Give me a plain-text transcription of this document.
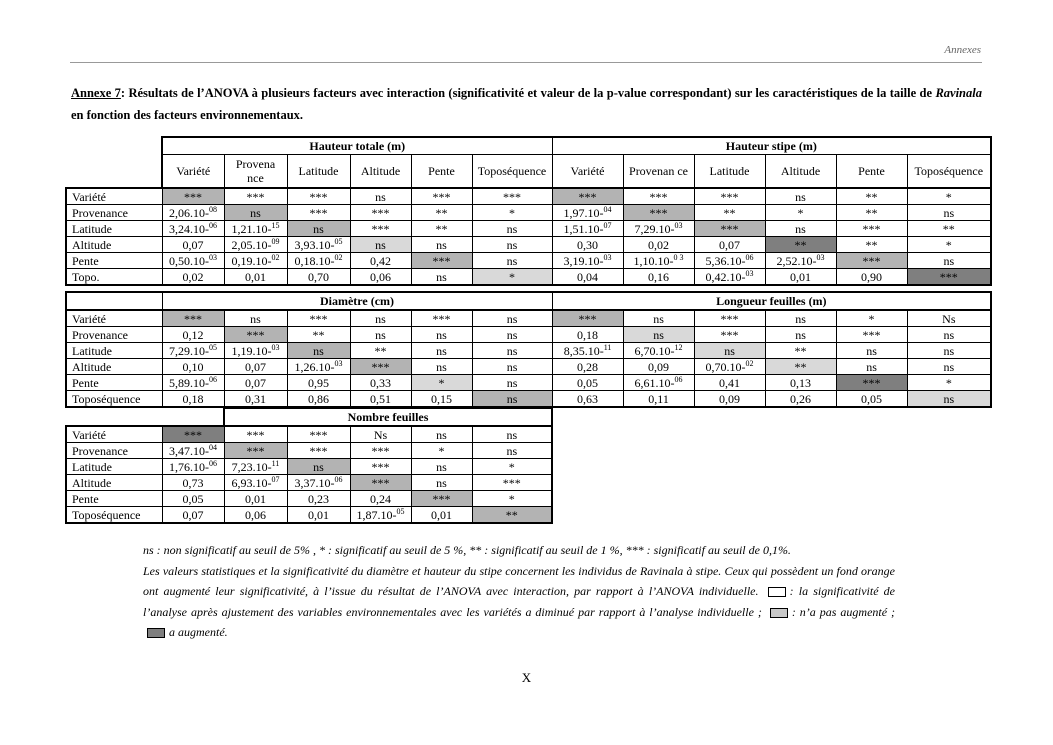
Annexes
Annexe 7: Résultats de l’ANOVA à plusieurs facteurs avec interaction (significativité et valeur de la p-value correspondant) sur les caractéristiques de la taille de Ravinala en fonction des facteurs environnementaux.
	Hauteur totale (m)						Hauteur stipe (m)					
	Variété	Provena nce	Latitude	Altitude	Pente	Toposéquence	Variété	Provenan ce	Latitude	Altitude	Pente	Toposéquence
Variété	***	***	***	ns	***	***	***	***	***	ns	**	*
Provenance	2,06.10-$^{08}$	ns	***	***	**	*	1,97.10-$^{04}$	***	**	*	**	ns
Latitude	3,24.10-$^{06}$	1,21.10-$^{15}$	ns	***	**	ns	1,51.10-$^{07}$	7,29.10-$^{03}$	***	ns	***	**
Altitude	0,07	2,05.10-$^{09}$	3,93.10-$^{05}$	ns	ns	ns	0,30	0,02	0,07	**	**	*
Pente	0,50.10-$^{03}$	0,19.10-$^{02}$	0,18.10-$^{02}$	0,42	***	ns	3,19.10-$^{03}$	1,10.10-$^{0 3}$	5,36.10-$^{06}$	2,52.10-$^{03}$	***	ns
Topo.	0,02	0,01	0,70	0,06	ns	*	0,04	0,16	0,42.10-$^{03}$	0,01	0,90	***
	Diamètre (cm)						Longueur feuilles (m)					
Variété	***	ns	***	ns	***	ns	***	ns	***	ns	*	Ns
Provenance	0,12	***	**	ns	ns	ns	0,18	ns	***	ns	***	ns
Latitude	7,29.10-$^{05}$	1,19.10-$^{03}$	ns	**	ns	ns	8,35.10-$^{11}$	6,70.10-$^{12}$	ns	**	ns	ns
Altitude	0,10	0,07	1,26.10-$^{03}$	***	ns	ns	0,28	0,09	0,70.10-$^{02}$	**	ns	ns
Pente	5,89.10-$^{06}$	0,07	0,95	0,33	*	ns	0,05	6,61.10-$^{06}$	0,41	0,13	***	*
Toposéquence	0,18	0,31	0,86	0,51	0,15	ns	0,63	0,11	0,09	0,26	0,05	ns
		Nombre feuilles				
Variété	***	***	***	Ns	ns	ns
Provenance	3,47.10-$^{04}$	***	***	***	*	ns
Latitude	1,76.10-$^{06}$	7,23.10-$^{11}$	ns	***	ns	*
Altitude	0,73	6,93.10-$^{07}$	3,37.10-$^{06}$	***	ns	***
Pente	0,05	0,01	0,23	0,24	***	*
Toposéquence	0,07	0,06	0,01	1,87.10-$^{05}$	0,01	**
ns : non significatif au seuil de 5% , * : significatif au seuil de 5 %, ** : significatif au seuil de 1 %, *** : significatif au seuil de 0,1%.
Les valeurs statistiques et la significativité du diamètre et hauteur du stipe concernent les individus de Ravinala à stipe. Ceux qui possèdent un fond orange ont augmenté leur significativité, à l’issue du résultat de l’ANOVA avec interaction, par rapport à l’ANOVA individuelle.	: la significativité de l’analyse après ajustement des variables environnementales avec les variétés a diminué par rapport à l’analyse individuelle ; : n’a pas augmenté ; a augmenté.
X
